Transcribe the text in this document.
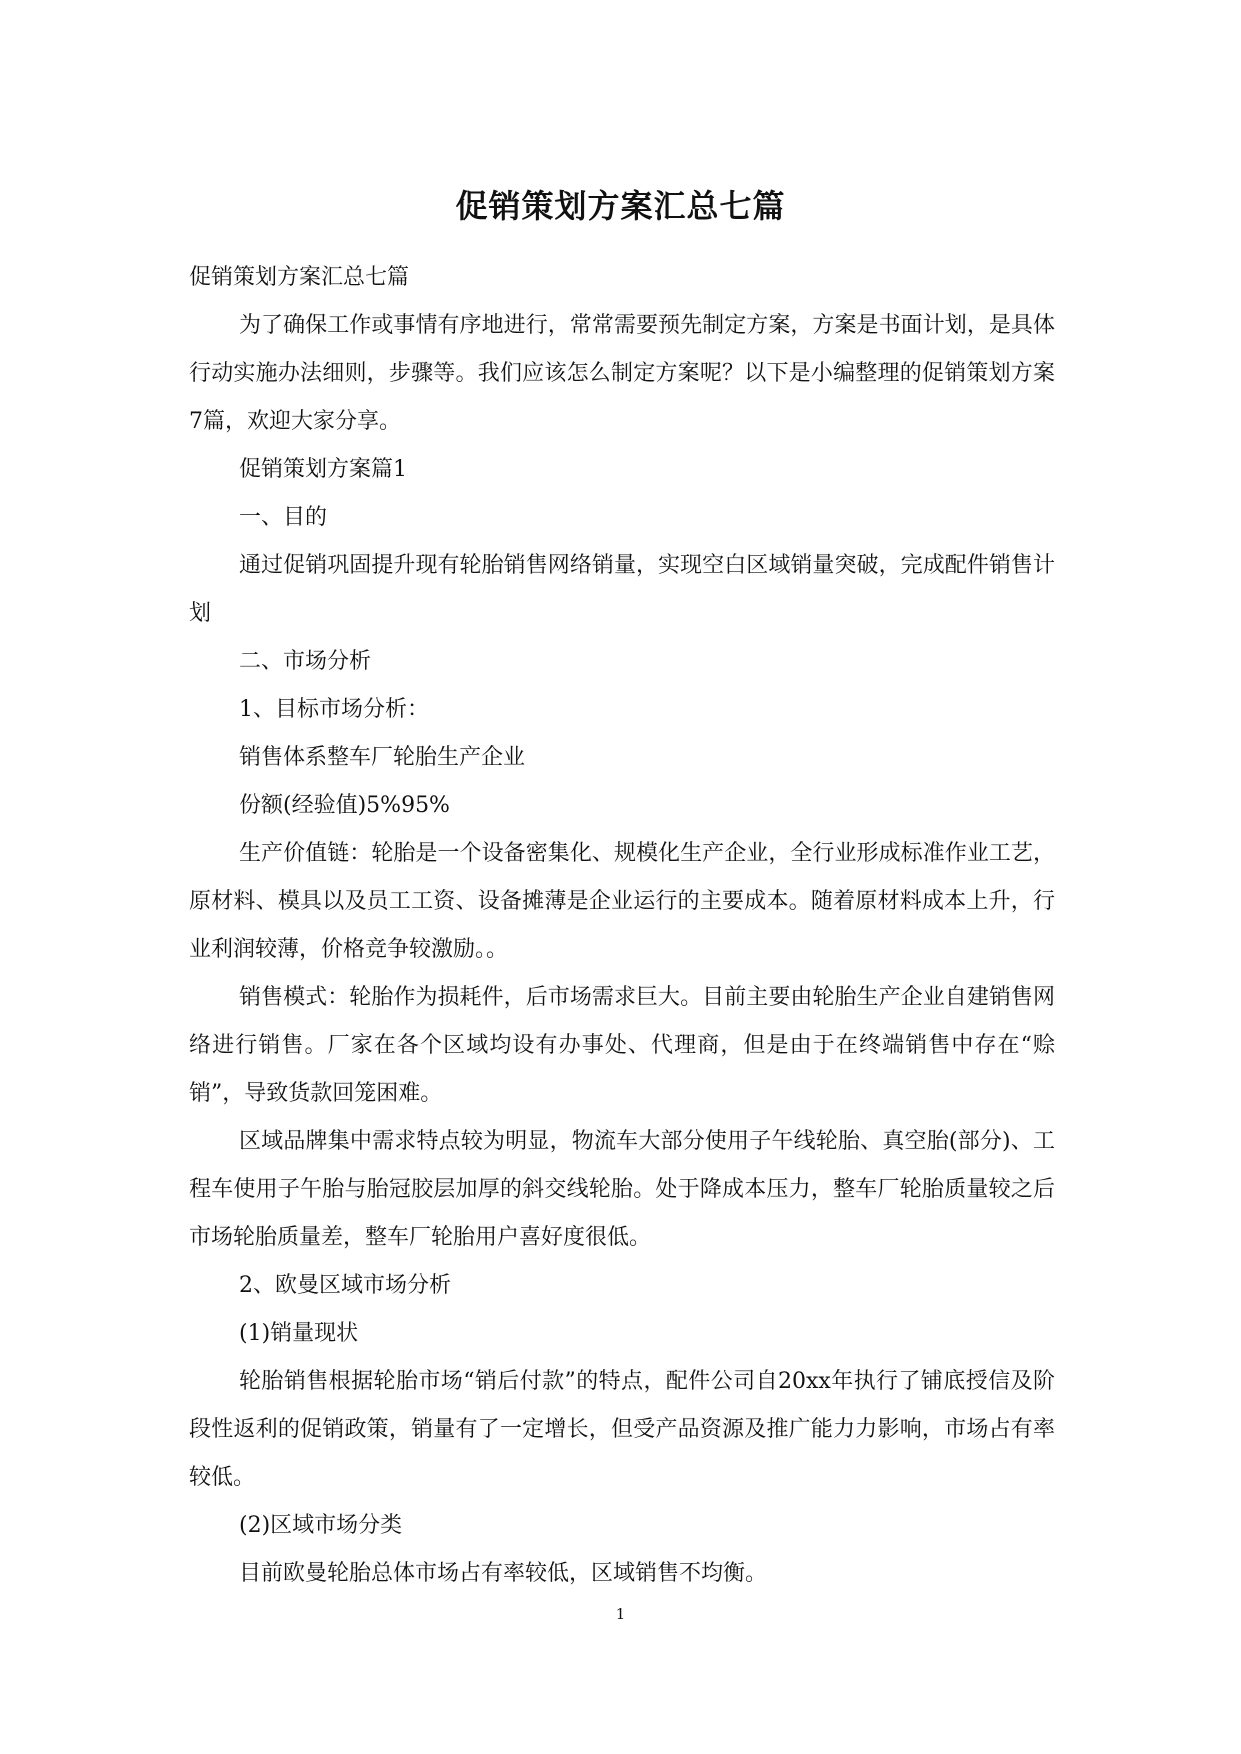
促销策划方案汇总七篇

促销策划方案汇总七篇

为了确保工作或事情有序地进行，常常需要预先制定方案，方案是书面计划，是具体行动实施办法细则，步骤等。我们应该怎么制定方案呢？以下是小编整理的促销策划方案7篇，欢迎大家分享。

促销策划方案篇1

一、目的

通过促销巩固提升现有轮胎销售网络销量，实现空白区域销量突破，完成配件销售计划

二、市场分析

1、目标市场分析：

销售体系整车厂轮胎生产企业

份额(经验值)5%95%

生产价值链：轮胎是一个设备密集化、规模化生产企业，全行业形成标准作业工艺，原材料、模具以及员工工资、设备摊薄是企业运行的主要成本。随着原材料成本上升，行业利润较薄，价格竞争较激励。。

销售模式：轮胎作为损耗件，后市场需求巨大。目前主要由轮胎生产企业自建销售网络进行销售。厂家在各个区域均设有办事处、代理商，但是由于在终端销售中存在“赊销”，导致货款回笼困难。

区域品牌集中需求特点较为明显，物流车大部分使用子午线轮胎、真空胎(部分)、工程车使用子午胎与胎冠胶层加厚的斜交线轮胎。处于降成本压力，整车厂轮胎质量较之后市场轮胎质量差，整车厂轮胎用户喜好度很低。

2、欧曼区域市场分析

(1)销量现状

轮胎销售根据轮胎市场“销后付款”的特点，配件公司自20xx年执行了铺底授信及阶段性返利的促销政策，销量有了一定增长，但受产品资源及推广能力力影响，市场占有率较低。

(2)区域市场分类

目前欧曼轮胎总体市场占有率较低，区域销售不均衡。

1
